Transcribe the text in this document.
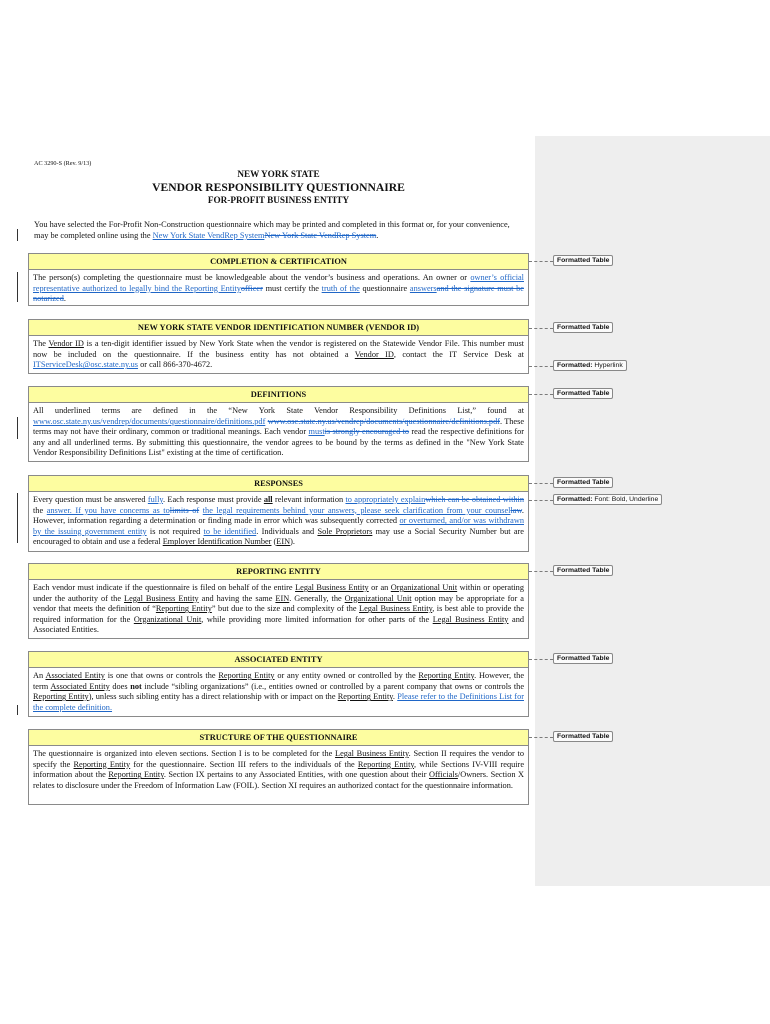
AC 3290-S (Rev. 9/13)
NEW YORK STATE
VENDOR RESPONSIBILITY QUESTIONNAIRE
FOR-PROFIT BUSINESS ENTITY
You have selected the For-Profit Non-Construction questionnaire which may be printed and completed in this format or, for your convenience, may be completed online using the New York State VendRep SystemNew York State VendRep System.
COMPLETION & CERTIFICATION
The person(s) completing the questionnaire must be knowledgeable about the vendor’s business and operations. An owner or owner’s official representative authorized to legally bind the Reporting Entityofficer must certify the truth of the questionnaire answersand the signature must be notarized.
NEW YORK STATE VENDOR IDENTIFICATION NUMBER (VENDOR ID)
The Vendor ID is a ten-digit identifier issued by New York State when the vendor is registered on the Statewide Vendor File. This number must now be included on the questionnaire. If the business entity has not obtained a Vendor ID, contact the IT Service Desk at ITServiceDesk@osc.state.ny.us or call 866-370-4672.
DEFINITIONS
All underlined terms are defined in the “New York State Vendor Responsibility Definitions List,” found at www.osc.state.ny.us/vendrep/documents/questionnaire/definitions.pdf www.osc.state.ny.us/vendrep/documents/questionnaire/definitions.pdf. These terms may not have their ordinary, common or traditional meanings. Each vendor mustis strongly encouraged to read the respective definitions for any and all underlined terms. By submitting this questionnaire, the vendor agrees to be bound by the terms as defined in the "New York State Vendor Responsibility Definitions List" existing at the time of certification.
RESPONSES
Every question must be answered fully. Each response must provide all relevant information to appropriately explainwhich can be obtained within the answer. If you have concerns as tolimits of the legal requirements behind your answers, please seek clarification from your counsellaw. However, information regarding a determination or finding made in error which was subsequently corrected or overturned, and/or was withdrawn by the issuing government entity is not required to be identified. Individuals and Sole Proprietors may use a Social Security Number but are encouraged to obtain and use a federal Employer Identification Number (EIN).
REPORTING ENTITY
Each vendor must indicate if the questionnaire is filed on behalf of the entire Legal Business Entity or an Organizational Unit within or operating under the authority of the Legal Business Entity and having the same EIN. Generally, the Organizational Unit option may be appropriate for a vendor that meets the definition of “Reporting Entity” but due to the size and complexity of the Legal Business Entity, is best able to provide the required information for the Organizational Unit, while providing more limited information for other parts of the Legal Business Entity and Associated Entities.
ASSOCIATED ENTITY
An Associated Entity is one that owns or controls the Reporting Entity or any entity owned or controlled by the Reporting Entity. However, the term Associated Entity does not include “sibling organizations” (i.e., entities owned or controlled by a parent company that owns or controls the Reporting Entity), unless such sibling entity has a direct relationship with or impact on the Reporting Entity. Please refer to the Definitions List for the complete definition.
STRUCTURE OF THE QUESTIONNAIRE
The questionnaire is organized into eleven sections. Section I is to be completed for the Legal Business Entity. Section II requires the vendor to specify the Reporting Entity for the questionnaire. Section III refers to the individuals of the Reporting Entity, while Sections IV-VIII require information about the Reporting Entity. Section IX pertains to any Associated Entities, with one question about their Officials/Owners. Section X relates to disclosure under the Freedom of Information Law (FOIL). Section XI requires an authorized contact for the questionnaire information.
Formatted Table
Formatted Table
Formatted: Hyperlink
Formatted Table
Formatted Table
Formatted: Font: Bold, Underline
Formatted Table
Formatted Table
Formatted Table
